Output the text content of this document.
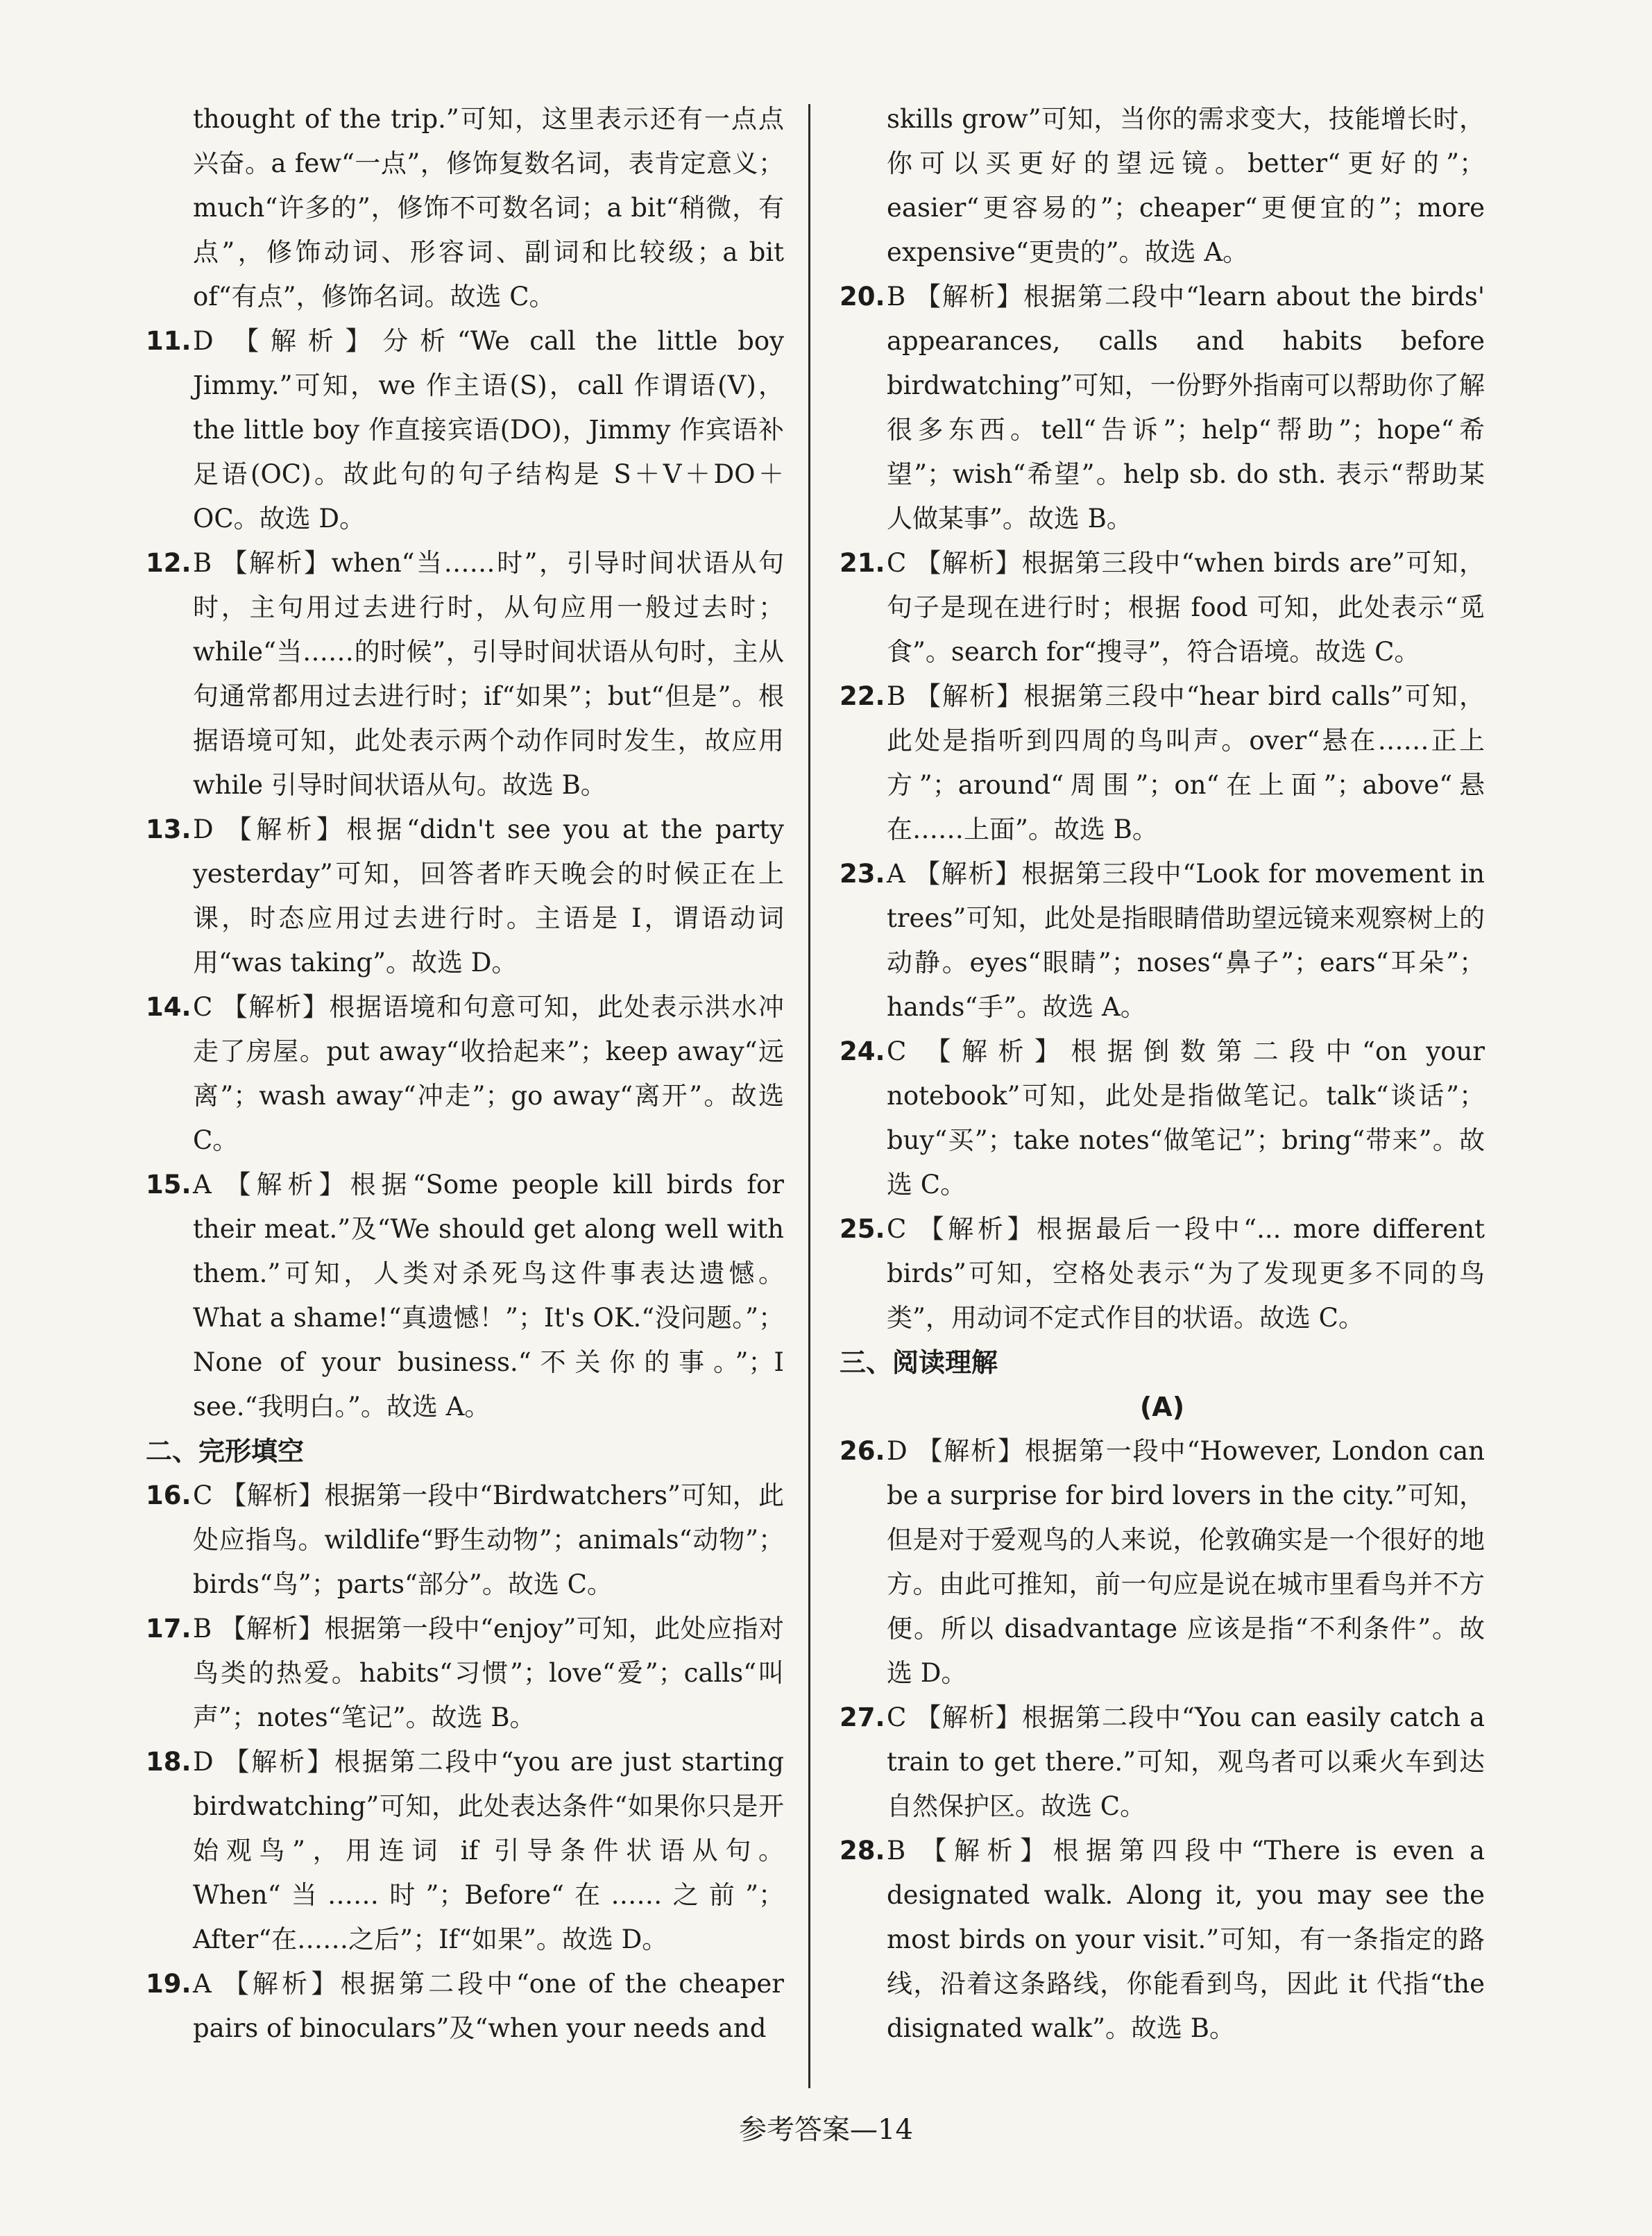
thought of the trip.”可知，这里表示还有一点点兴奋。a few“一点”，修饰复数名词，表肯定意义；much“许多的”，修饰不可数名词；a bit“稍微，有点”，修饰动词、形容词、副词和比较级；a bit of“有点”，修饰名词。故选 C。
11. D 【解析】分析“We call the little boy Jimmy.”可知，we 作主语(S)，call 作谓语(V)，the little boy 作直接宾语(DO)，Jimmy 作宾语补足语(OC)。故此句的句子结构是 S＋V＋DO＋OC。故选 D。
12. B 【解析】when“当……时”，引导时间状语从句时，主句用过去进行时，从句应用一般过去时；while“当……的时候”，引导时间状语从句时，主从句通常都用过去进行时；if“如果”；but“但是”。根据语境可知，此处表示两个动作同时发生，故应用 while 引导时间状语从句。故选 B。
13. D 【解析】根据“didn't see you at the party yesterday”可知，回答者昨天晚会的时候正在上课，时态应用过去进行时。主语是 I，谓语动词用“was taking”。故选 D。
14. C 【解析】根据语境和句意可知，此处表示洪水冲走了房屋。put away“收拾起来”；keep away“远离”；wash away“冲走”；go away“离开”。故选 C。
15. A 【解析】根据“Some people kill birds for their meat.”及“We should get along well with them.”可知，人类对杀死鸟这件事表达遗憾。What a shame!“真遗憾！”；It's OK.“没问题。”；None of your business.“不关你的事。”；I see.“我明白。”。故选 A。
二、完形填空
16. C 【解析】根据第一段中“Birdwatchers”可知，此处应指鸟。wildlife“野生动物”；animals“动物”；birds“鸟”；parts“部分”。故选 C。
17. B 【解析】根据第一段中“enjoy”可知，此处应指对鸟类的热爱。habits“习惯”；love“爱”；calls“叫声”；notes“笔记”。故选 B。
18. D 【解析】根据第二段中“you are just starting birdwatching”可知，此处表达条件“如果你只是开始观鸟”，用连词 if 引导条件状语从句。When“当……时”；Before“在……之前”；After“在……之后”；If“如果”。故选 D。
19. A 【解析】根据第二段中“one of the cheaper pairs of binoculars”及“when your needs and
skills grow”可知，当你的需求变大，技能增长时，你可以买更好的望远镜。better“更好的”；easier“更容易的”；cheaper“更便宜的”；more expensive“更贵的”。故选 A。
20. B 【解析】根据第二段中“learn about the birds' appearances, calls and habits before birdwatching”可知，一份野外指南可以帮助你了解很多东西。tell“告诉”；help“帮助”；hope“希望”；wish“希望”。help sb. do sth. 表示“帮助某人做某事”。故选 B。
21. C 【解析】根据第三段中“when birds are”可知，句子是现在进行时；根据 food 可知，此处表示“觅食”。search for“搜寻”，符合语境。故选 C。
22. B 【解析】根据第三段中“hear bird calls”可知，此处是指听到四周的鸟叫声。over“悬在……正上方”；around“周围”；on“在上面”；above“悬在……上面”。故选 B。
23. A 【解析】根据第三段中“Look for movement in trees”可知，此处是指眼睛借助望远镜来观察树上的动静。eyes“眼睛”；noses“鼻子”；ears“耳朵”；hands“手”。故选 A。
24. C 【解析】根据倒数第二段中“on your notebook”可知，此处是指做笔记。talk“谈话”；buy“买”；take notes“做笔记”；bring“带来”。故选 C。
25. C 【解析】根据最后一段中“... more different birds”可知，空格处表示“为了发现更多不同的鸟类”，用动词不定式作目的状语。故选 C。
三、阅读理解
(A)
26. D 【解析】根据第一段中“However, London can be a surprise for bird lovers in the city.”可知，但是对于爱观鸟的人来说，伦敦确实是一个很好的地方。由此可推知，前一句应是说在城市里看鸟并不方便。所以 disadvantage 应该是指“不利条件”。故选 D。
27. C 【解析】根据第二段中“You can easily catch a train to get there.”可知，观鸟者可以乘火车到达自然保护区。故选 C。
28. B 【解析】根据第四段中“There is even a designated walk. Along it, you may see the most birds on your visit.”可知，有一条指定的路线，沿着这条路线，你能看到鸟，因此 it 代指“the disignated walk”。故选 B。
参考答案—14
